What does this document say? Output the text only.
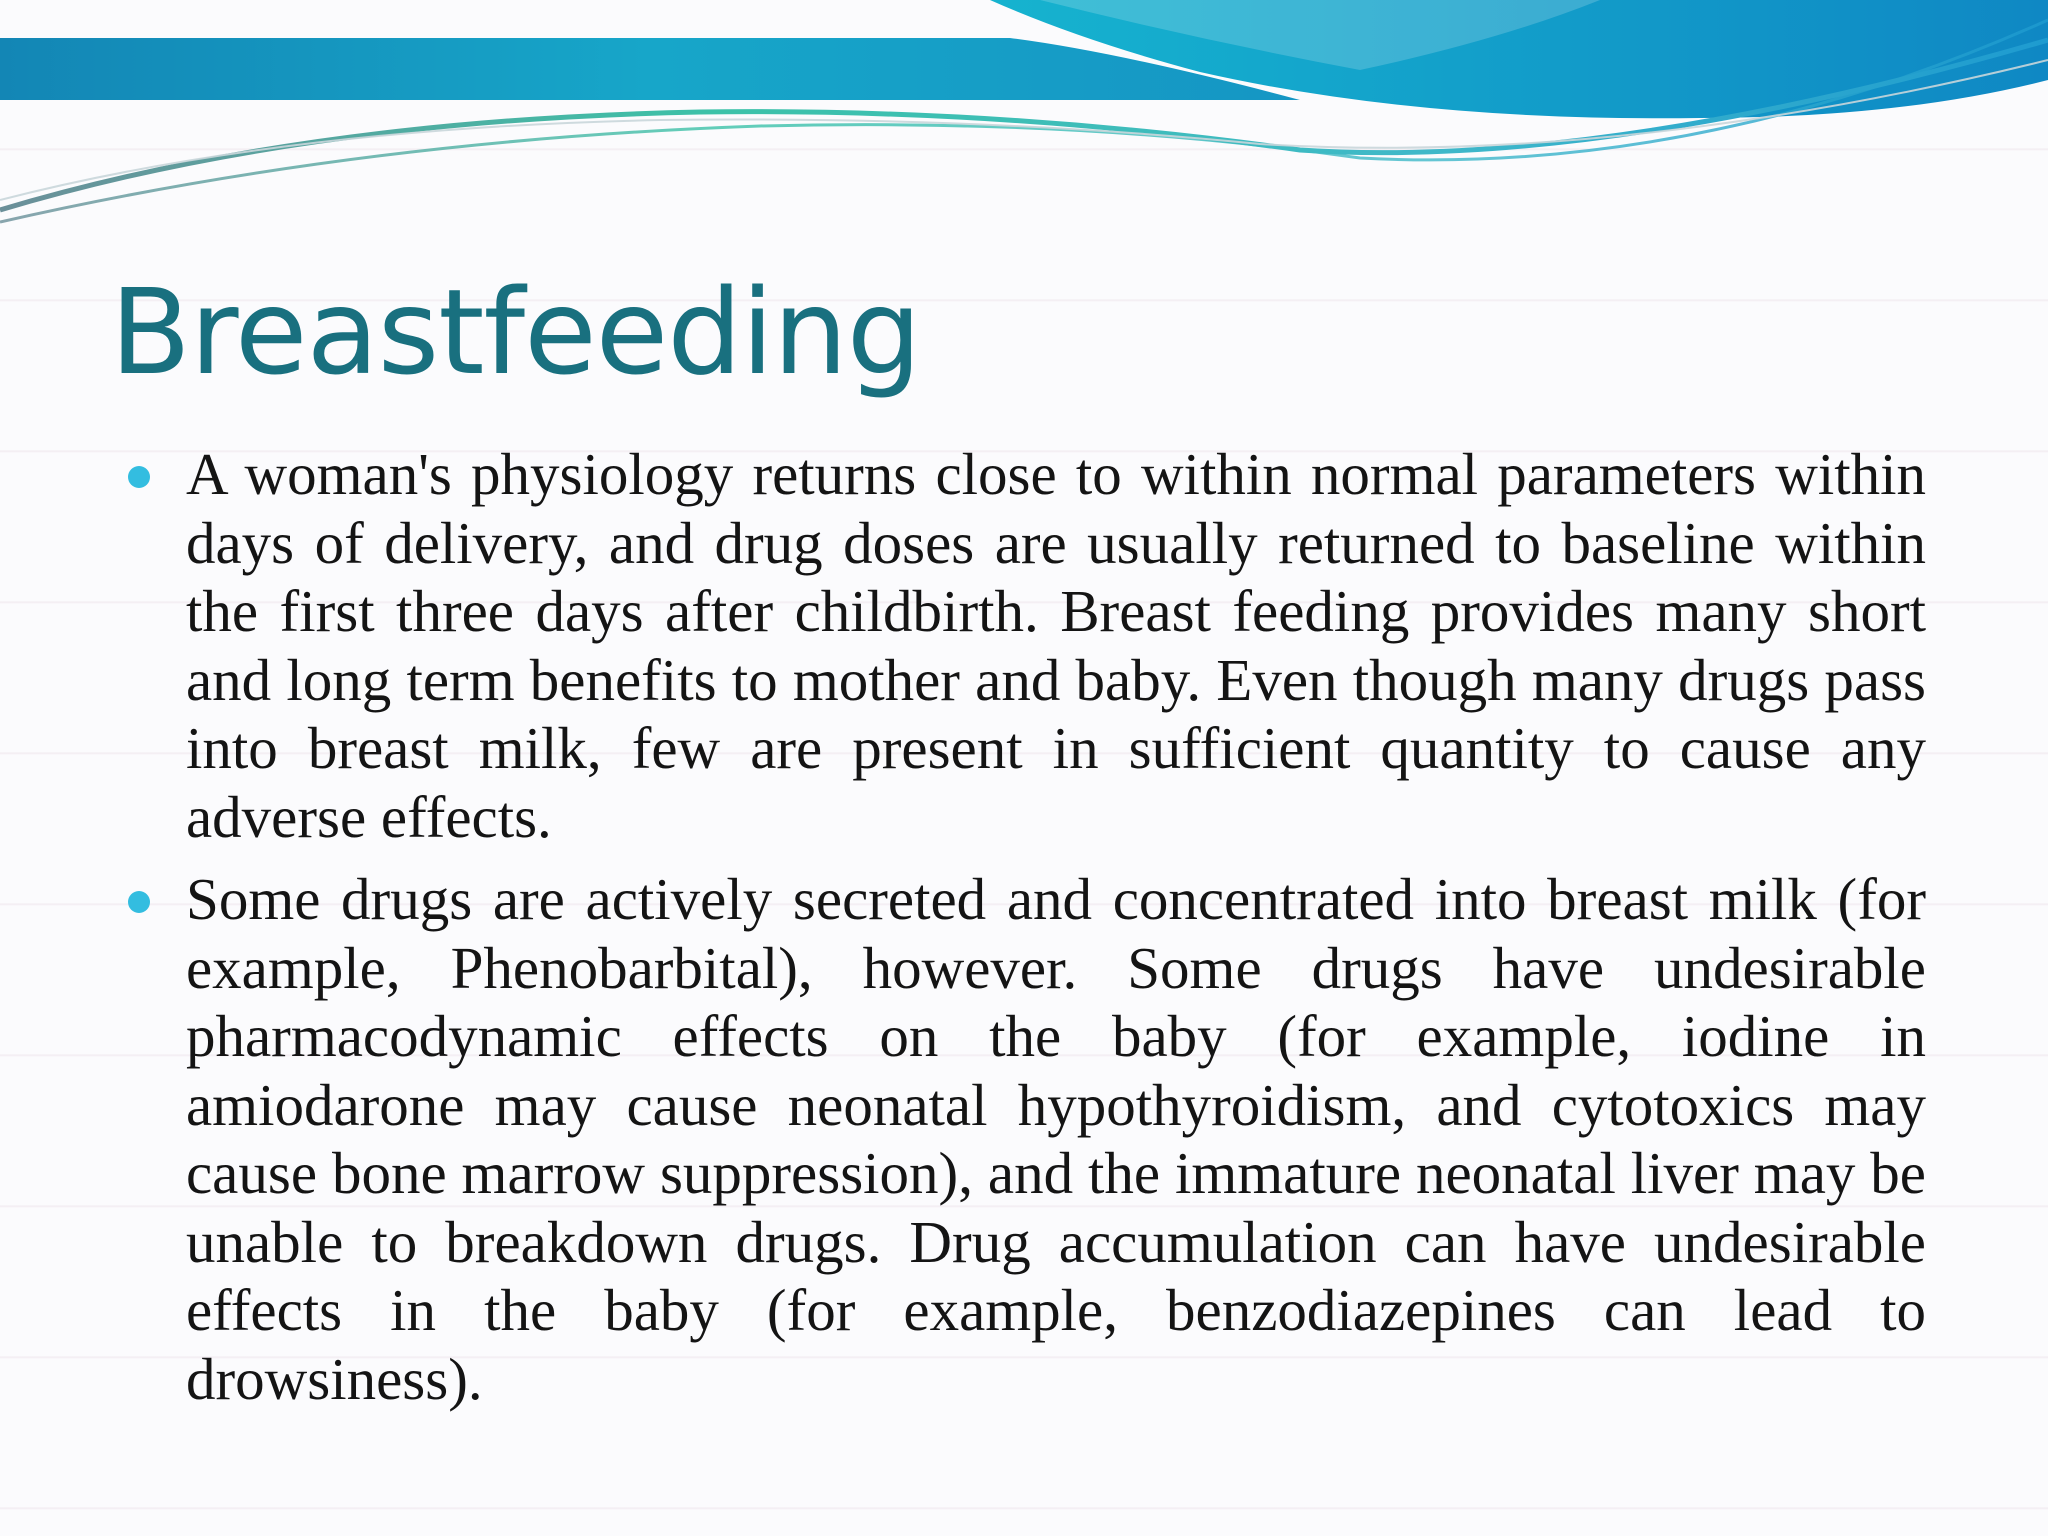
Breastfeeding
A woman's physiology returns close to within normal parameters within days of delivery, and drug doses are usually returned to baseline within the first three days after childbirth. Breast feeding provides many short and long term benefits to mother and baby. Even though many drugs pass into breast milk, few are present in sufficient quantity to cause any adverse effects.
Some drugs are actively secreted and concentrated into breast milk (for example, Phenobarbital), however. Some drugs have undesirable pharmacodynamic effects on the baby (for example, iodine in amiodarone may cause neonatal hypothyroidism, and cytotoxics may cause bone marrow suppression), and the immature neonatal liver may be unable to breakdown drugs. Drug accumulation can have undesirable effects in the baby (for example, benzodiazepines can lead to drowsiness).
